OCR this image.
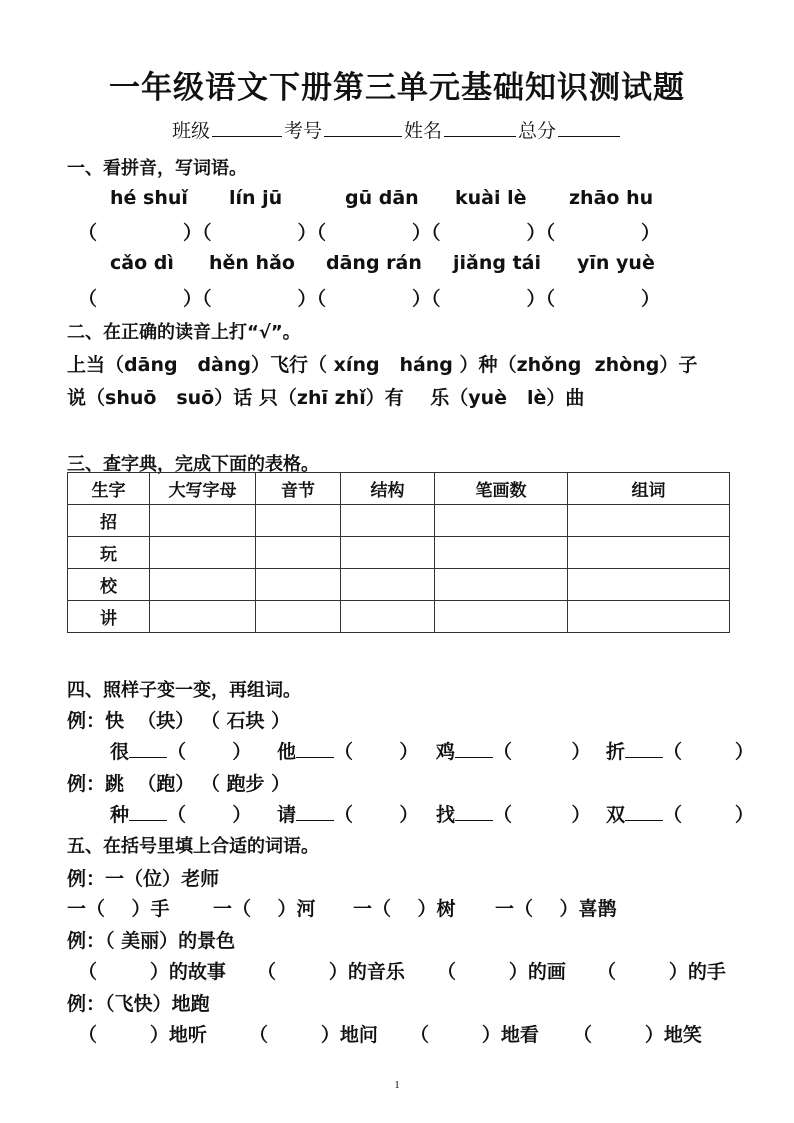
一年级语文下册第三单元基础知识测试题
班级	考号	姓名	总分
一、看拼音，写词语。
hé shuǐ lín jū	gū dān kuài lè zhāo hu
（             ）（             ）（             ）（             ）（             ）
cǎo dì hěn hǎo dāng rán jiǎng tái yīn yuè
（             ）（             ）（             ）（             ）（             ）
二、在正确的读音上打“√”。
上当（dāng dàng）飞行（ xíng háng ）种（zhǒng zhòng）子
说（shuō suō）话 只（zhī zhǐ）有 乐（yuè lè）曲
三、查字典，完成下面的表格。
生字	大写字母	音节	结构	笔画数	组词
招					
玩					
校					
讲					
四、照样子变一变，再组词。
例：快  （块） （ 石块 ）
很 （       ） 他 （       ） 鸡 （         ） 折 （        ）
例：跳  （跑） （ 跑步 ）
种 （       ） 请 （       ） 找 （         ） 双 （        ）
五、在括号里填上合适的词语。
例：一（位）老师
一（    ）手 一（    ）河 一（    ）树 一（    ）喜鹊
例：（ 美丽）的景色
（        ）的故事 （        ）的音乐 （        ）的画 （        ）的手
例：（飞快）地跑
（        ）地听 （        ）地问 （        ）地看 （        ）地笑
1
